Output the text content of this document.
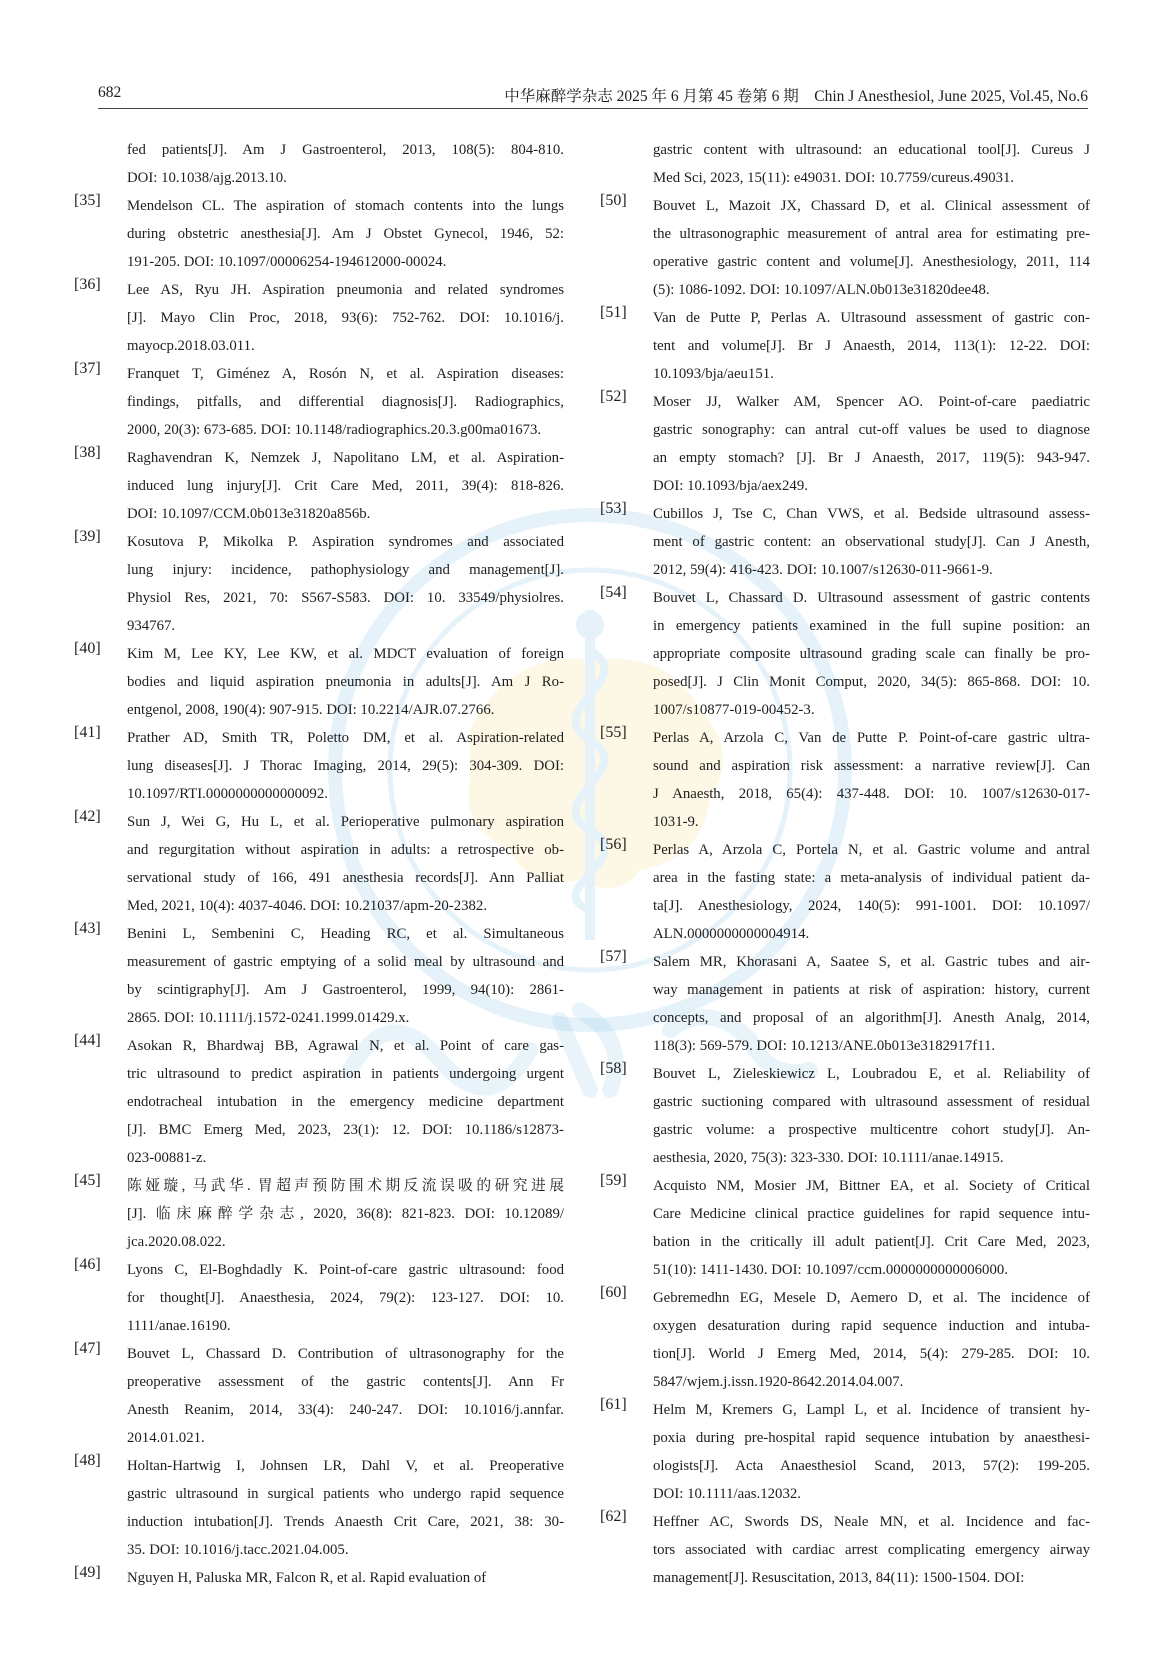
682	中华麻醉学杂志 2025 年 6 月第 45 卷第 6 期　Chin J Anesthesiol, June 2025, Vol.45, No.6
fed patients[J]. Am J Gastroenterol, 2013, 108(5): 804-810.
DOI: 10.1038/ajg.2013.10.
[35] Mendelson CL. The aspiration of stomach contents into the lungs
during obstetric anesthesia[J]. Am J Obstet Gynecol, 1946, 52:
191-205. DOI: 10.1097/00006254-194612000-00024.
[36] Lee AS, Ryu JH. Aspiration pneumonia and related syndromes
[J]. Mayo Clin Proc, 2018, 93(6): 752-762. DOI: 10.1016/j.
mayocp.2018.03.011.
[37] Franquet T, Giménez A, Rosón N, et al. Aspiration diseases:
findings, pitfalls, and differential diagnosis[J]. Radiographics,
2000, 20(3): 673-685. DOI: 10.1148/radiographics.20.3.g00ma01673.
[38] Raghavendran K, Nemzek J, Napolitano LM, et al. Aspiration-
induced lung injury[J]. Crit Care Med, 2011, 39(4): 818-826.
DOI: 10.1097/CCM.0b013e31820a856b.
[39] Kosutova P, Mikolka P. Aspiration syndromes and associated
lung injury: incidence, pathophysiology and management[J].
Physiol Res, 2021, 70: S567-S583. DOI: 10. 33549/physiolres.
934767.
[40] Kim M, Lee KY, Lee KW, et al. MDCT evaluation of foreign
bodies and liquid aspiration pneumonia in adults[J]. Am J Ro-
entgenol, 2008, 190(4): 907-915. DOI: 10.2214/AJR.07.2766.
[41] Prather AD, Smith TR, Poletto DM, et al. Aspiration-related
lung diseases[J]. J Thorac Imaging, 2014, 29(5): 304-309. DOI:
10.1097/RTI.0000000000000092.
[42] Sun J, Wei G, Hu L, et al. Perioperative pulmonary aspiration
and regurgitation without aspiration in adults: a retrospective ob-
servational study of 166, 491 anesthesia records[J]. Ann Palliat
Med, 2021, 10(4): 4037-4046. DOI: 10.21037/apm-20-2382.
[43] Benini L, Sembenini C, Heading RC, et al. Simultaneous
measurement of gastric emptying of a solid meal by ultrasound and
by scintigraphy[J]. Am J Gastroenterol, 1999, 94(10): 2861-
2865. DOI: 10.1111/j.1572-0241.1999.01429.x.
[44] Asokan R, Bhardwaj BB, Agrawal N, et al. Point of care gas-
tric ultrasound to predict aspiration in patients undergoing urgent
endotracheal intubation in the emergency medicine department
[J]. BMC Emerg Med, 2023, 23(1): 12. DOI: 10.1186/s12873-
023-00881-z.
[45] 陈娅璇, 马武华. 胃超声预防围术期反流误吸的研究进展
[J]. 临床麻醉学杂志, 2020, 36(8): 821-823. DOI: 10.12089/
jca.2020.08.022.
[46] Lyons C, El-Boghdadly K. Point-of-care gastric ultrasound: food
for thought[J]. Anaesthesia, 2024, 79(2): 123-127. DOI: 10.
1111/anae.16190.
[47] Bouvet L, Chassard D. Contribution of ultrasonography for the
preoperative assessment of the gastric contents[J]. Ann Fr
Anesth Reanim, 2014, 33(4): 240-247. DOI: 10.1016/j.annfar.
2014.01.021.
[48] Holtan-Hartwig I, Johnsen LR, Dahl V, et al. Preoperative
gastric ultrasound in surgical patients who undergo rapid sequence
induction intubation[J]. Trends Anaesth Crit Care, 2021, 38: 30-
35. DOI: 10.1016/j.tacc.2021.04.005.
[49] Nguyen H, Paluska MR, Falcon R, et al. Rapid evaluation of
gastric content with ultrasound: an educational tool[J]. Cureus J
Med Sci, 2023, 15(11): e49031. DOI: 10.7759/cureus.49031.
[50] Bouvet L, Mazoit JX, Chassard D, et al. Clinical assessment of
the ultrasonographic measurement of antral area for estimating pre-
operative gastric content and volume[J]. Anesthesiology, 2011, 114
(5): 1086-1092. DOI: 10.1097/ALN.0b013e31820dee48.
[51] Van de Putte P, Perlas A. Ultrasound assessment of gastric con-
tent and volume[J]. Br J Anaesth, 2014, 113(1): 12-22. DOI:
10.1093/bja/aeu151.
[52] Moser JJ, Walker AM, Spencer AO. Point-of-care paediatric
gastric sonography: can antral cut-off values be used to diagnose
an empty stomach? [J]. Br J Anaesth, 2017, 119(5): 943-947.
DOI: 10.1093/bja/aex249.
[53] Cubillos J, Tse C, Chan VWS, et al. Bedside ultrasound assess-
ment of gastric content: an observational study[J]. Can J Anesth,
2012, 59(4): 416-423. DOI: 10.1007/s12630-011-9661-9.
[54] Bouvet L, Chassard D. Ultrasound assessment of gastric contents
in emergency patients examined in the full supine position: an
appropriate composite ultrasound grading scale can finally be pro-
posed[J]. J Clin Monit Comput, 2020, 34(5): 865-868. DOI: 10.
1007/s10877-019-00452-3.
[55] Perlas A, Arzola C, Van de Putte P. Point-of-care gastric ultra-
sound and aspiration risk assessment: a narrative review[J]. Can
J Anaesth, 2018, 65(4): 437-448. DOI: 10. 1007/s12630-017-
1031-9.
[56] Perlas A, Arzola C, Portela N, et al. Gastric volume and antral
area in the fasting state: a meta-analysis of individual patient da-
ta[J]. Anesthesiology, 2024, 140(5): 991-1001. DOI: 10.1097/
ALN.0000000000004914.
[57] Salem MR, Khorasani A, Saatee S, et al. Gastric tubes and air-
way management in patients at risk of aspiration: history, current
concepts, and proposal of an algorithm[J]. Anesth Analg, 2014,
118(3): 569-579. DOI: 10.1213/ANE.0b013e3182917f11.
[58] Bouvet L, Zieleskiewicz L, Loubradou E, et al. Reliability of
gastric suctioning compared with ultrasound assessment of residual
gastric volume: a prospective multicentre cohort study[J]. An-
aesthesia, 2020, 75(3): 323-330. DOI: 10.1111/anae.14915.
[59] Acquisto NM, Mosier JM, Bittner EA, et al. Society of Critical
Care Medicine clinical practice guidelines for rapid sequence intu-
bation in the critically ill adult patient[J]. Crit Care Med, 2023,
51(10): 1411-1430. DOI: 10.1097/ccm.0000000000006000.
[60] Gebremedhn EG, Mesele D, Aemero D, et al. The incidence of
oxygen desaturation during rapid sequence induction and intuba-
tion[J]. World J Emerg Med, 2014, 5(4): 279-285. DOI: 10.
5847/wjem.j.issn.1920-8642.2014.04.007.
[61] Helm M, Kremers G, Lampl L, et al. Incidence of transient hy-
poxia during pre-hospital rapid sequence intubation by anaesthesi-
ologists[J]. Acta Anaesthesiol Scand, 2013, 57(2): 199-205.
DOI: 10.1111/aas.12032.
[62] Heffner AC, Swords DS, Neale MN, et al. Incidence and fac-
tors associated with cardiac arrest complicating emergency airway
management[J]. Resuscitation, 2013, 84(11): 1500-1504. DOI:
